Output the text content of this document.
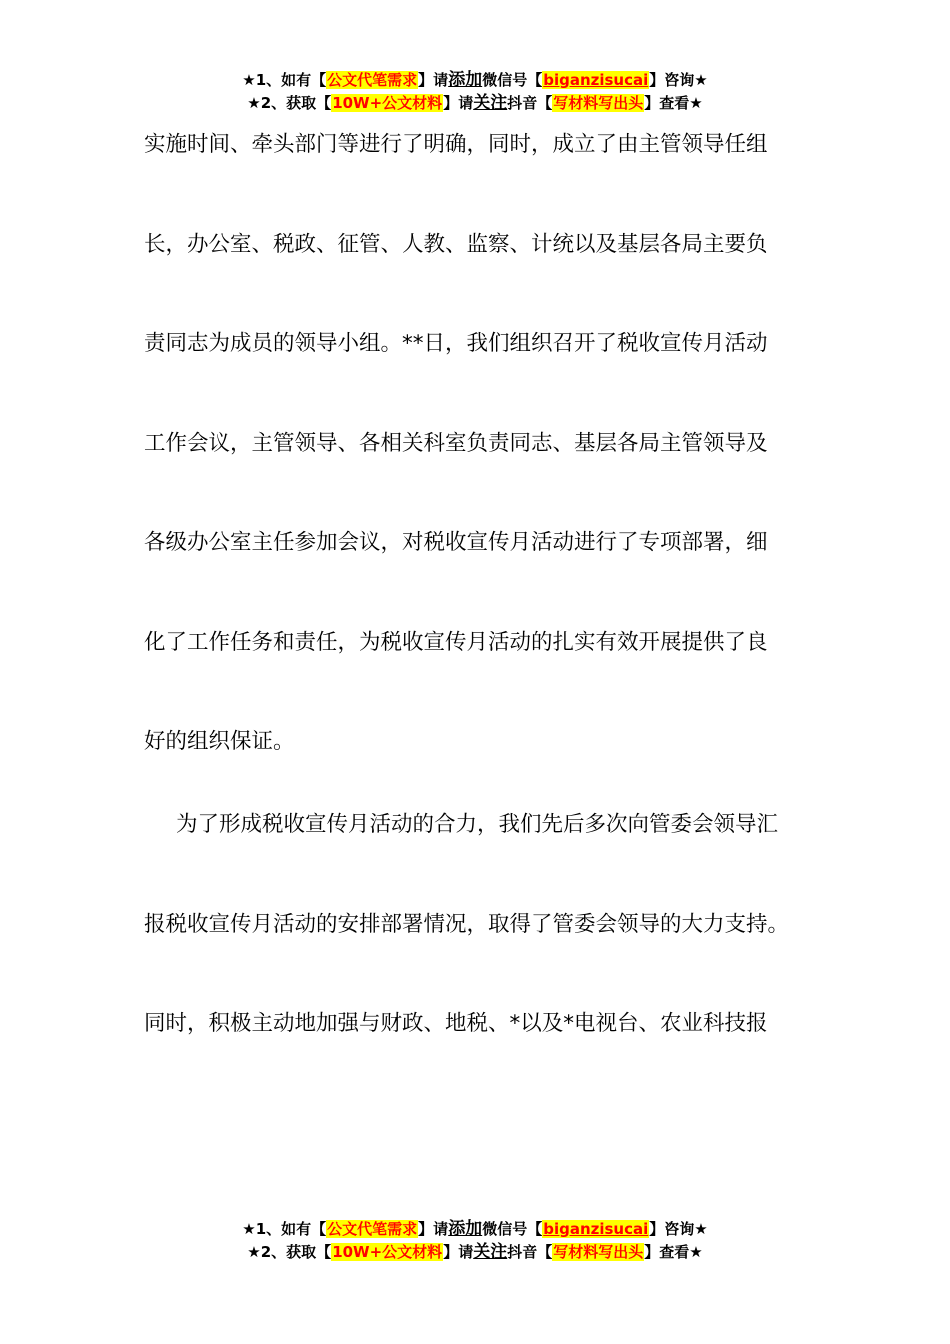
★1、如有【公文代笔需求】请添加微信号【biganzisucai】咨询★
★2、获取【10W+公文材料】请关注抖音【写材料写出头】查看★
实施时间、牵头部门等进行了明确，同时，成立了由主管领导任组
长，办公室、税政、征管、人教、监察、计统以及基层各局主要负
责同志为成员的领导小组。**日，我们组织召开了税收宣传月活动
工作会议，主管领导、各相关科室负责同志、基层各局主管领导及
各级办公室主任参加会议，对税收宣传月活动进行了专项部署，细
化了工作任务和责任，为税收宣传月活动的扎实有效开展提供了良
好的组织保证。
为了形成税收宣传月活动的合力，我们先后多次向管委会领导汇
报税收宣传月活动的安排部署情况，取得了管委会领导的大力支持。
同时，积极主动地加强与财政、地税、*以及*电视台、农业科技报
★1、如有【公文代笔需求】请添加微信号【biganzisucai】咨询★
★2、获取【10W+公文材料】请关注抖音【写材料写出头】查看★
